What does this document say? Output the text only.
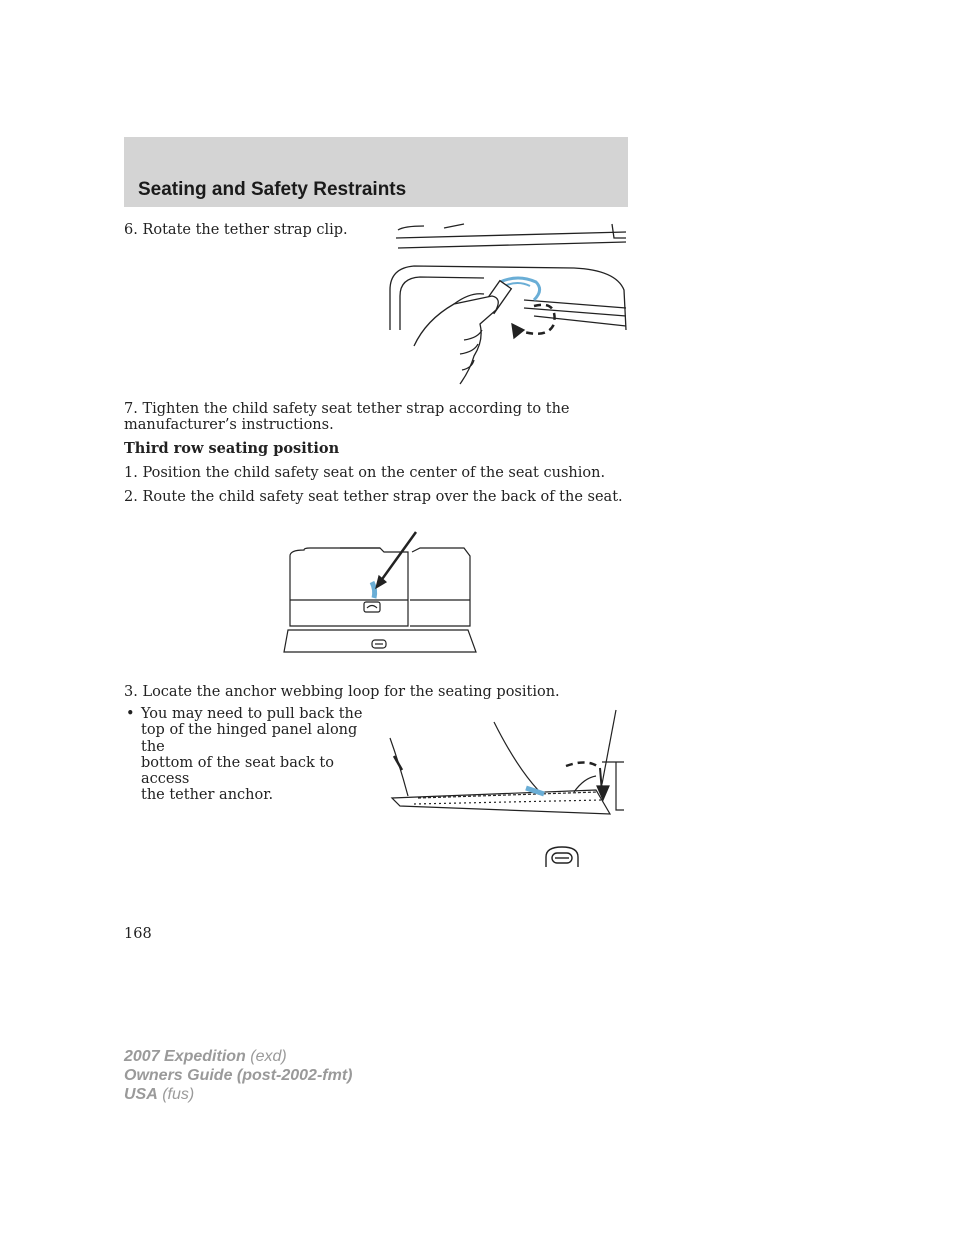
Seating and Safety Restraints

6. Rotate the tether strap clip.

7. Tighten the child safety seat tether strap according to the

manufacturer’s instructions.

Third row seating position

1. Position the child safety seat on the center of the seat cushion.

2. Route the child safety seat tether strap over the back of the seat.

3. Locate the anchor webbing loop for the seating position.

• You may need to pull back the
top of the hinged panel along the
bottom of the seat back to access
the tether anchor.

168

2007 Expedition (exd)
Owners Guide (post-2002-fmt)
USA (fus)
